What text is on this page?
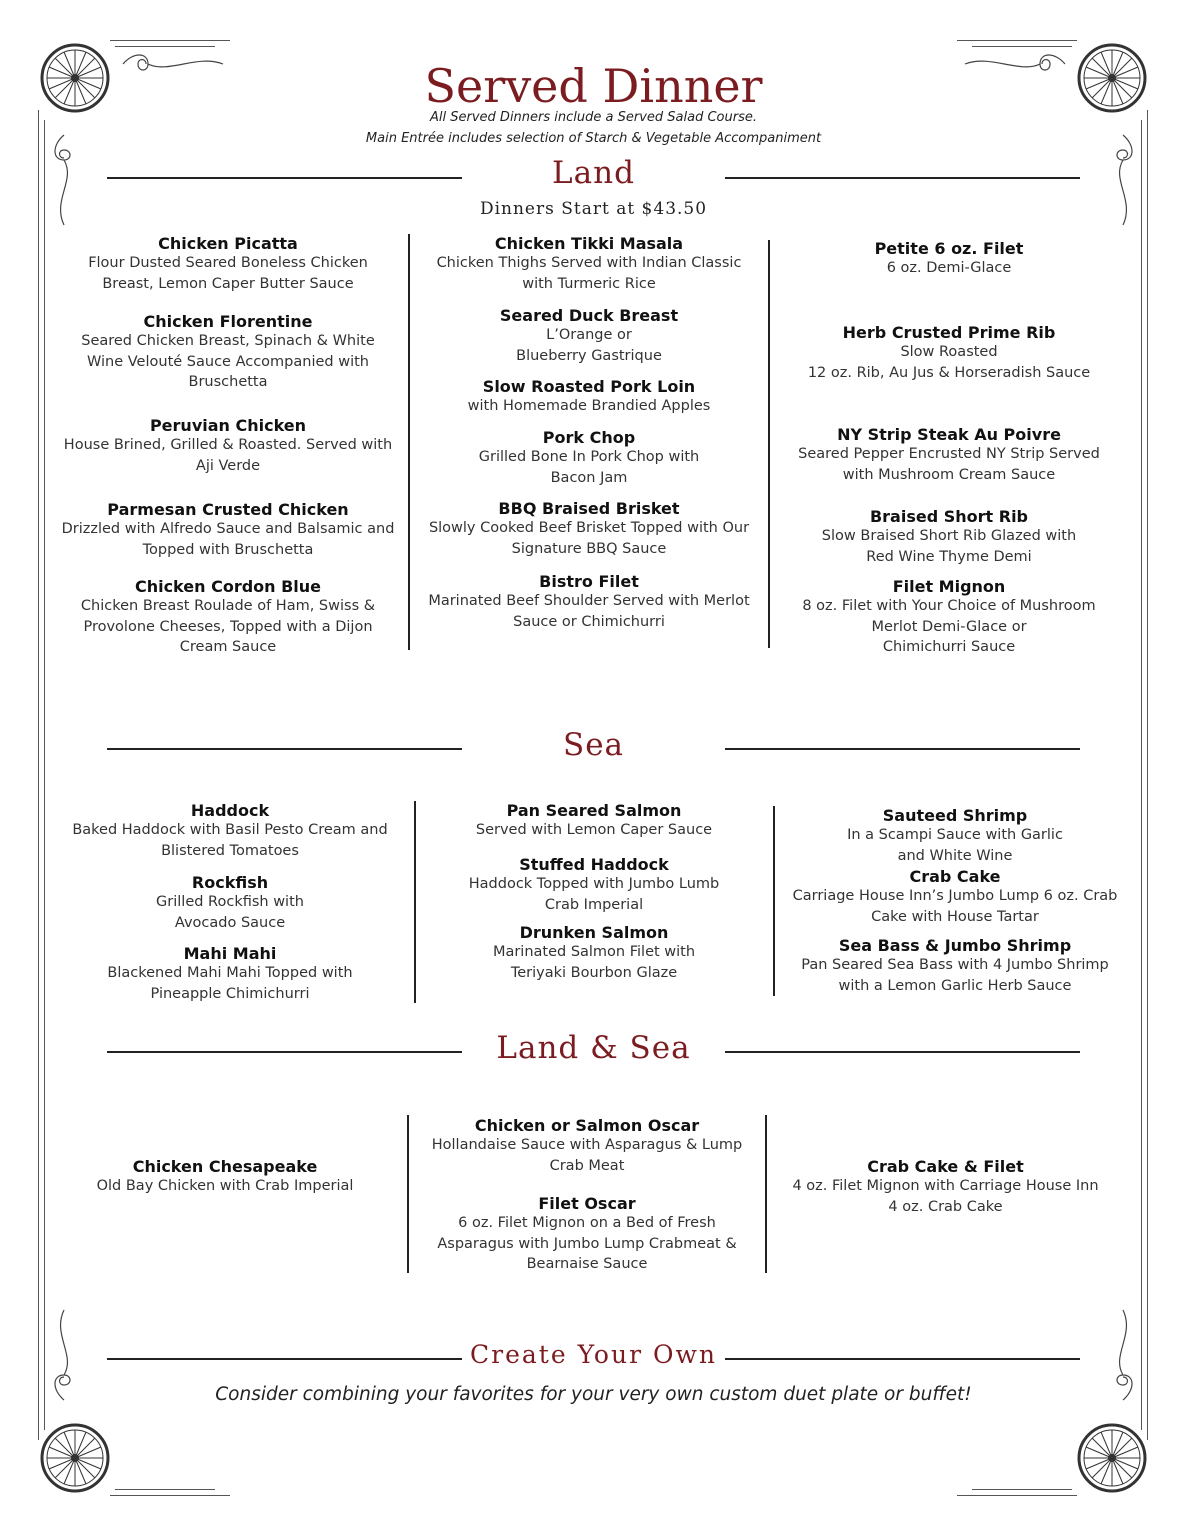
Served Dinner
All Served Dinners include a Served Salad Course.
Main Entrée includes selection of Starch & Vegetable Accompaniment
Land
Dinners Start at $43.50
Chicken Picatta
Flour Dusted Seared Boneless Chicken
Breast, Lemon Caper Butter Sauce
Chicken Florentine
Seared Chicken Breast, Spinach & White
Wine Velouté Sauce Accompanied with
Bruschetta
Peruvian Chicken
House Brined, Grilled & Roasted. Served with
Aji Verde
Parmesan Crusted Chicken
Drizzled with Alfredo Sauce and Balsamic and
Topped with Bruschetta
Chicken Cordon Blue
Chicken Breast Roulade of Ham, Swiss &
Provolone Cheeses, Topped with a Dijon
Cream Sauce
Chicken Tikki Masala
Chicken Thighs Served with Indian Classic
with Turmeric Rice
Seared Duck Breast
L’Orange or
Blueberry Gastrique
Slow Roasted Pork Loin
with Homemade Brandied Apples
Pork Chop
Grilled Bone In Pork Chop with
Bacon Jam
BBQ Braised Brisket
Slowly Cooked Beef Brisket Topped with Our
Signature BBQ Sauce
Bistro Filet
Marinated Beef Shoulder Served with Merlot
Sauce or Chimichurri
Petite 6 oz. Filet
6 oz. Demi-Glace
Herb Crusted Prime Rib
Slow Roasted
12 oz. Rib, Au Jus & Horseradish Sauce
NY Strip Steak Au Poivre
Seared Pepper Encrusted NY Strip Served
with Mushroom Cream Sauce
Braised Short Rib
Slow Braised Short Rib Glazed with
Red Wine Thyme Demi
Filet Mignon
8 oz. Filet with Your Choice of Mushroom
Merlot Demi-Glace or
Chimichurri Sauce
Sea
Haddock
Baked Haddock with Basil Pesto Cream and
Blistered Tomatoes
Rockfish
Grilled Rockfish with
Avocado Sauce
Mahi Mahi
Blackened Mahi Mahi Topped with
Pineapple Chimichurri
Pan Seared Salmon
Served with Lemon Caper Sauce
Stuffed Haddock
Haddock Topped with Jumbo Lumb
Crab Imperial
Drunken Salmon
Marinated Salmon Filet with
Teriyaki Bourbon Glaze
Sauteed Shrimp
In a Scampi Sauce with Garlic
and White Wine
Crab Cake
Carriage House Inn’s Jumbo Lump 6 oz. Crab
Cake with House Tartar
Sea Bass & Jumbo Shrimp
Pan Seared Sea Bass with 4 Jumbo Shrimp
with a Lemon Garlic Herb Sauce
Land & Sea
Chicken Chesapeake
Old Bay Chicken with Crab Imperial
Chicken or Salmon Oscar
Hollandaise Sauce with Asparagus & Lump
Crab Meat
Filet Oscar
6 oz. Filet Mignon on a Bed of Fresh
Asparagus with Jumbo Lump Crabmeat &
Bearnaise Sauce
Crab Cake & Filet
4 oz. Filet Mignon with Carriage House Inn
4 oz. Crab Cake
Create Your Own
Consider combining your favorites for your very own custom duet plate or buffet!
